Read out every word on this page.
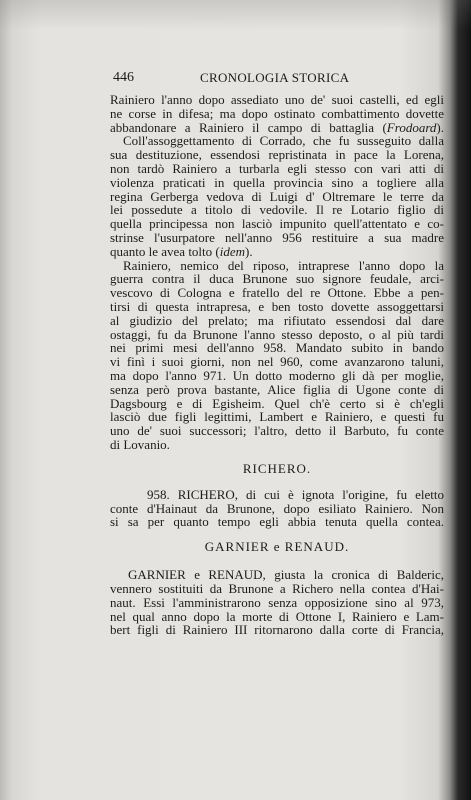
446	CRONOLOGIA STORICA
Rainiero l'anno dopo assediato uno de' suoi castelli, ed egli
ne corse in difesa; ma dopo ostinato combattimento dovette
abbandonare a Rainiero il campo di battaglia (Frodoard).
Coll'assoggettamento di Corrado, che fu susseguito dalla
sua destituzione, essendosi repristinata in pace la Lorena,
non tardò Rainiero a turbarla egli stesso con vari atti di
violenza praticati in quella provincia sino a togliere alla
regina Gerberga vedova di Luigi d' Oltremare le terre da
lei possedute a titolo di vedovile. Il re Lotario figlio di
quella principessa non lasciò impunito quell'attentato e co-
strinse l'usurpatore nell'anno 956 restituire a sua madre
quanto le avea tolto (idem).
Rainiero, nemico del riposo, intraprese l'anno dopo la
guerra contra il duca Brunone suo signore feudale, arci-
vescovo di Cologna e fratello del re Ottone. Ebbe a pen-
tirsi di questa intrapresa, e ben tosto dovette assoggettarsi
al giudizio del prelato; ma rifiutato essendosi dal dare
ostaggi, fu da Brunone l'anno stesso deposto, o al più tardi
nei primi mesi dell'anno 958. Mandato subito in bando
vi finì i suoi giorni, non nel 960, come avanzarono taluni,
ma dopo l'anno 971. Un dotto moderno gli dà per moglie,
senza però prova bastante, Alice figlia di Ugone conte di
Dagsbourg e di Egisheim. Quel ch'è certo si è ch'egli
lasciò due figli legittimi, Lambert e Rainiero, e questi fu
uno de' suoi successori; l'altro, detto il Barbuto, fu conte
di Lovanio.
RICHERO.
958. RICHERO, di cui è ignota l'origine, fu eletto
conte d'Hainaut da Brunone, dopo esiliato Rainiero. Non
si sa per quanto tempo egli abbia tenuta quella contea.
GARNIER e RENAUD.
GARNIER e RENAUD, giusta la cronica di Balderic,
vennero sostituiti da Brunone a Richero nella contea d'Hai-
naut. Essi l'amministrarono senza opposizione sino al 973,
nel qual anno dopo la morte di Ottone I, Rainiero e Lam-
bert figli di Rainiero III ritornarono dalla corte di Francia,
